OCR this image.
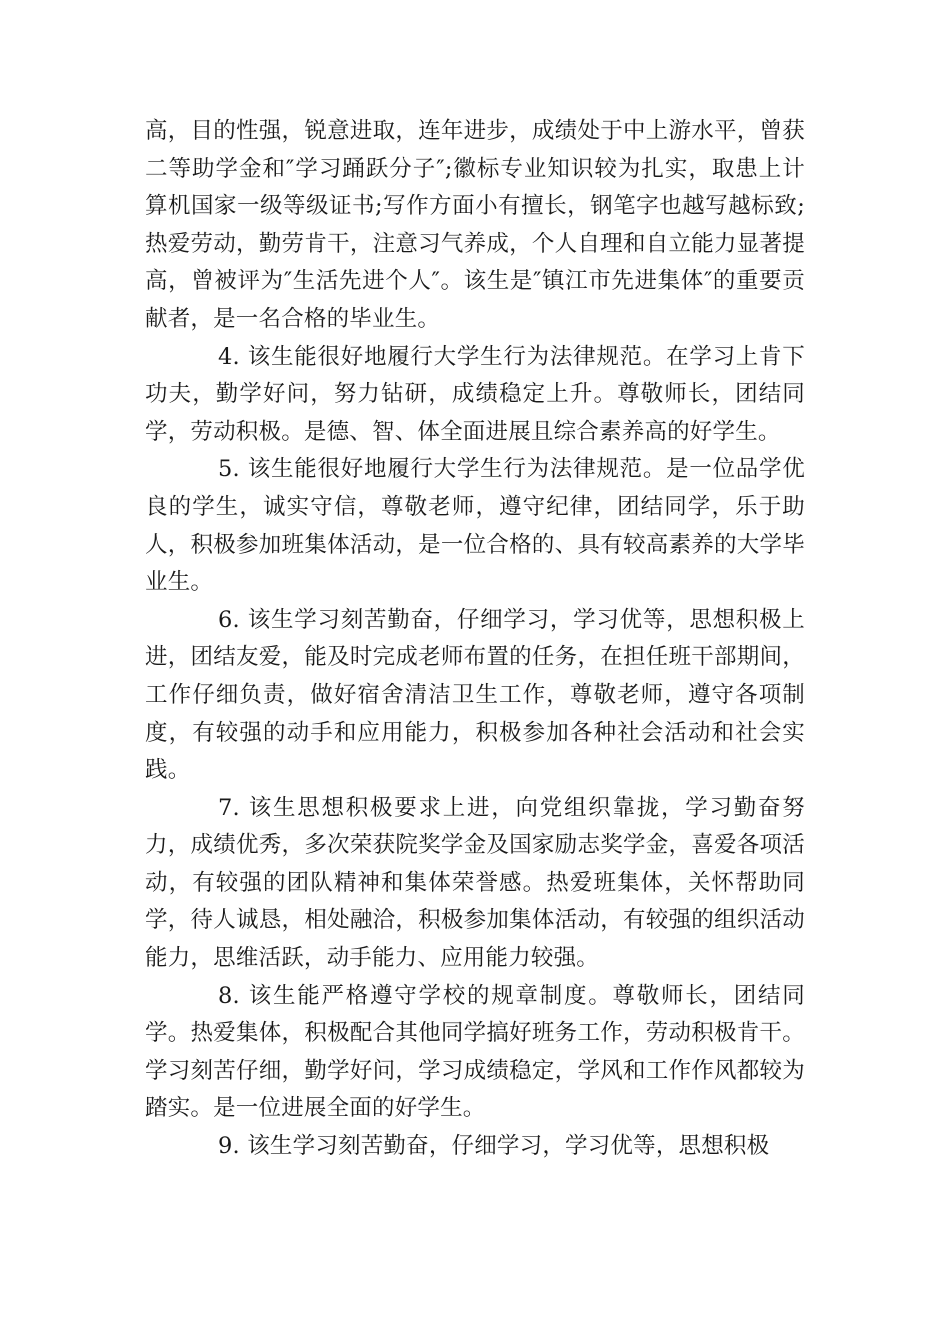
高，目的性强，锐意进取，连年进步，成绩处于中上游水平，曾获二等助学金和″学习踊跃分子″;徽标专业知识较为扎实，取患上计算机国家一级等级证书;写作方面小有擅长，钢笔字也越写越标致;热爱劳动，勤劳肯干，注意习气养成，个人自理和自立能力显著提高，曾被评为″生活先进个人″。该生是″镇江市先进集体″的重要贡献者，是一名合格的毕业生。

4. 该生能很好地履行大学生行为法律规范。在学习上肯下功夫，勤学好问，努力钻研，成绩稳定上升。尊敬师长，团结同学，劳动积极。是德、智、体全面进展且综合素养高的好学生。

5. 该生能很好地履行大学生行为法律规范。是一位品学优良的学生，诚实守信，尊敬老师，遵守纪律，团结同学，乐于助人，积极参加班集体活动，是一位合格的、具有较高素养的大学毕业生。

6. 该生学习刻苦勤奋，仔细学习，学习优等，思想积极上进，团结友爱，能及时完成老师布置的任务，在担任班干部期间，工作仔细负责，做好宿舍清洁卫生工作，尊敬老师，遵守各项制度，有较强的动手和应用能力，积极参加各种社会活动和社会实践。

7. 该生思想积极要求上进，向党组织靠拢，学习勤奋努力，成绩优秀，多次荣获院奖学金及国家励志奖学金，喜爱各项活动，有较强的团队精神和集体荣誉感。热爱班集体，关怀帮助同学，待人诚恳，相处融洽，积极参加集体活动，有较强的组织活动能力，思维活跃，动手能力、应用能力较强。

8. 该生能严格遵守学校的规章制度。尊敬师长，团结同学。热爱集体，积极配合其他同学搞好班务工作，劳动积极肯干。学习刻苦仔细，勤学好问，学习成绩稳定，学风和工作作风都较为踏实。是一位进展全面的好学生。

9. 该生学习刻苦勤奋，仔细学习，学习优等，思想积极
